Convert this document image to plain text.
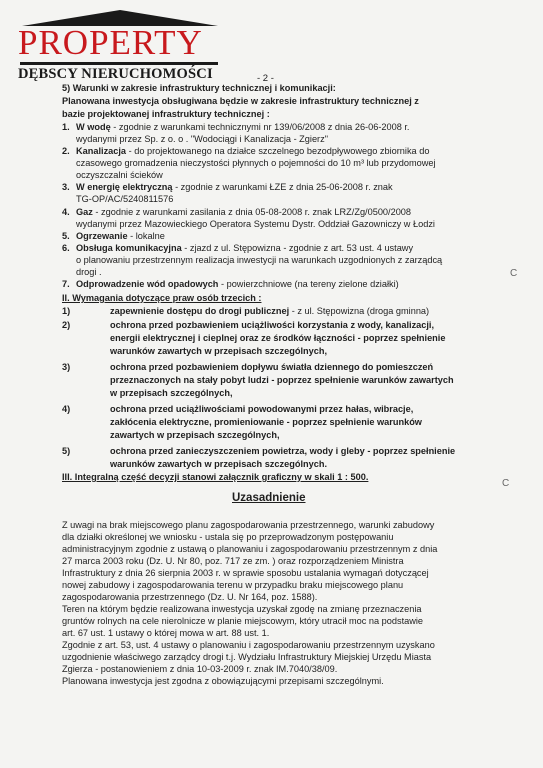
PROPERTY
DĘBSCY NIERUCHOMOŚCI	- 2 -
5) Warunki w zakresie infrastruktury technicznej i komunikacji:
Planowana inwestycja obsługiwana będzie w zakresie infrastruktury technicznej z
bazie projektowanej infrastruktury technicznej :
1. W wodę - zgodnie z warunkami technicznymi nr 139/06/2008 z dnia 26-06-2008 r.
wydanymi przez Sp. z o. o . "Wodociągi i Kanalizacja - Zgierz"
2. Kanalizacja - do projektowanego na działce szczelnego bezodpływowego zbiornika do
czasowego gromadzenia nieczystości płynnych o pojemności do 10 m³ lub przydomowej
oczyszczalni ścieków
3. W energię elektryczną - zgodnie z warunkami ŁZE z dnia 25-06-2008 r. znak
TG-OP/AC/5240811576
4. Gaz - zgodnie z warunkami zasilania z dnia 05-08-2008 r. znak LRZ/Zg/0500/2008
wydanymi przez Mazowieckiego Operatora Systemu Dystr. Oddział Gazowniczy w Łodzi
5. Ogrzewanie - lokalne
6. Obsługa komunikacyjna - zjazd z ul. Stępowizna - zgodnie z art. 53 ust. 4 ustawy
o planowaniu przestrzennym realizacja inwestycji na warunkach uzgodnionych z zarządcą
drogi .
7. Odprowadzenie wód opadowych - powierzchniowe (na tereny zielone działki)
II. Wymagania dotyczące praw osób trzecich :
1)	zapewnienie dostępu do drogi publicznej - z ul. Stępowizna (droga gminna)
2)	ochrona przed pozbawieniem uciążliwości korzystania z wody, kanalizacji,
energii elektrycznej i cieplnej oraz ze środków łączności - poprzez spełnienie
warunków zawartych w przepisach szczególnych,
3)	ochrona przed pozbawieniem dopływu światła dziennego do pomieszczeń
przeznaczonych na stały pobyt ludzi - poprzez spełnienie warunków zawartych
w przepisach szczególnych,
4)	ochrona przed uciążliwościami powodowanymi przez hałas, wibracje,
zakłócenia elektryczne, promieniowanie - poprzez spełnienie warunków
zawartych w przepisach szczególnych,
5)	ochrona przed zanieczyszczeniem powietrza, wody i gleby - poprzez spełnienie
warunków zawartych w przepisach szczególnych.
III. Integralną część decyzji stanowi załącznik graficzny w skali 1 : 500.
Uzasadnienie
Z uwagi na brak miejscowego planu zagospodarowania przestrzennego, warunki zabudowy
dla działki określonej we wniosku - ustala się po przeprowadzonym postępowaniu
administracyjnym zgodnie z ustawą o planowaniu i zagospodarowaniu przestrzennym z dnia
27 marca 2003 roku (Dz. U. Nr 80, poz. 717 ze zm. ) oraz rozporządzeniem Ministra
Infrastruktury z dnia 26 sierpnia 2003 r. w sprawie sposobu ustalania wymagań dotyczącej
nowej zabudowy i zagospodarowania terenu w przypadku braku miejscowego planu
zagospodarowania przestrzennego (Dz. U. Nr 164, poz. 1588).
Teren na którym będzie realizowana inwestycja uzyskał zgodę na zmianę przeznaczenia
gruntów rolnych na cele nierolnicze w planie miejscowym, który utracił moc na podstawie
art. 67 ust. 1 ustawy o której mowa w art. 88 ust. 1.
Zgodnie z art. 53, ust. 4 ustawy o planowaniu i zagospodarowaniu przestrzennym uzyskano
uzgodnienie właściwego zarządcy drogi t.j. Wydziału Infrastruktury Miejskiej Urzędu Miasta
Zgierza - postanowieniem z dnia 10-03-2009 r. znak IM.7040/38/09.
Planowana inwestycja jest zgodna z obowiązującymi przepisami szczególnymi.
C
C
